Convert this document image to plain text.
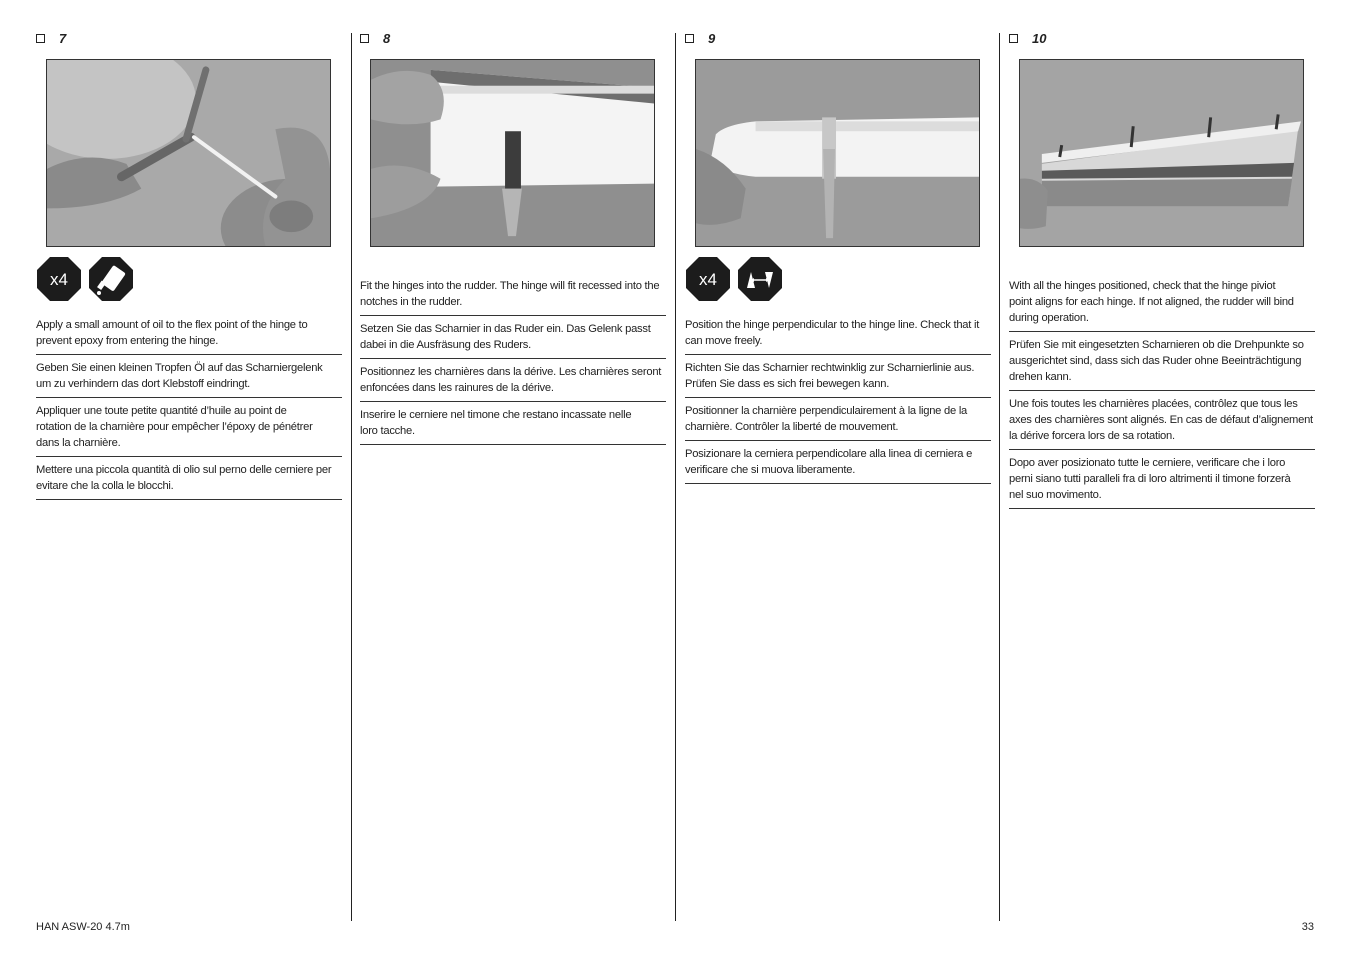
7
x4
Apply a small amount of oil to the flex point of the hinge to
prevent epoxy from entering the hinge.
Geben Sie einen kleinen Tropfen Öl auf das Scharniergelenk
um zu verhindern das dort Klebstoff eindringt.
Appliquer une toute petite quantité d’huile au point de
rotation de la charnière pour empêcher l’époxy de pénétrer
dans la charnière.
Mettere una piccola quantità di olio sul perno delle cerniere per
evitare che la colla le blocchi.
8
Fit the hinges into the rudder. The hinge will fit recessed into the
notches in the rudder.
Setzen Sie das Scharnier in das Ruder ein. Das Gelenk passt
dabei in die Ausfräsung des Ruders.
Positionnez les charnières dans la dérive. Les charnières seront
enfoncées dans les rainures de la dérive.
Inserire le cerniere nel timone che restano incassate nelle
loro tacche.
9
x4
Position the hinge perpendicular to the hinge line. Check that it
can move freely.
Richten Sie das Scharnier rechtwinklig zur Scharnierlinie aus.
Prüfen Sie dass es sich frei bewegen kann.
Positionner la charnière perpendiculairement à la ligne de la
charnière. Contrôler la liberté de mouvement.
Posizionare la cerniera perpendicolare alla linea di cerniera e
verificare che si muova liberamente.
10
With all the hinges positioned, check that the hinge piviot
point aligns for each hinge. If not aligned, the rudder will bind
during operation.
Prüfen Sie mit eingesetzten Scharnieren ob die Drehpunkte so
ausgerichtet sind, dass sich das Ruder ohne Beeinträchtigung
drehen kann.
Une fois toutes les charnières placées, contrôlez que tous les
axes des charnières sont alignés. En cas de défaut d’alignement
la dérive forcera lors de sa rotation.
Dopo aver posizionato tutte le cerniere, verificare che i loro
perni siano tutti paralleli fra di loro altrimenti il timone forzerà
nel suo movimento.
HAN ASW-20 4.7m	33
